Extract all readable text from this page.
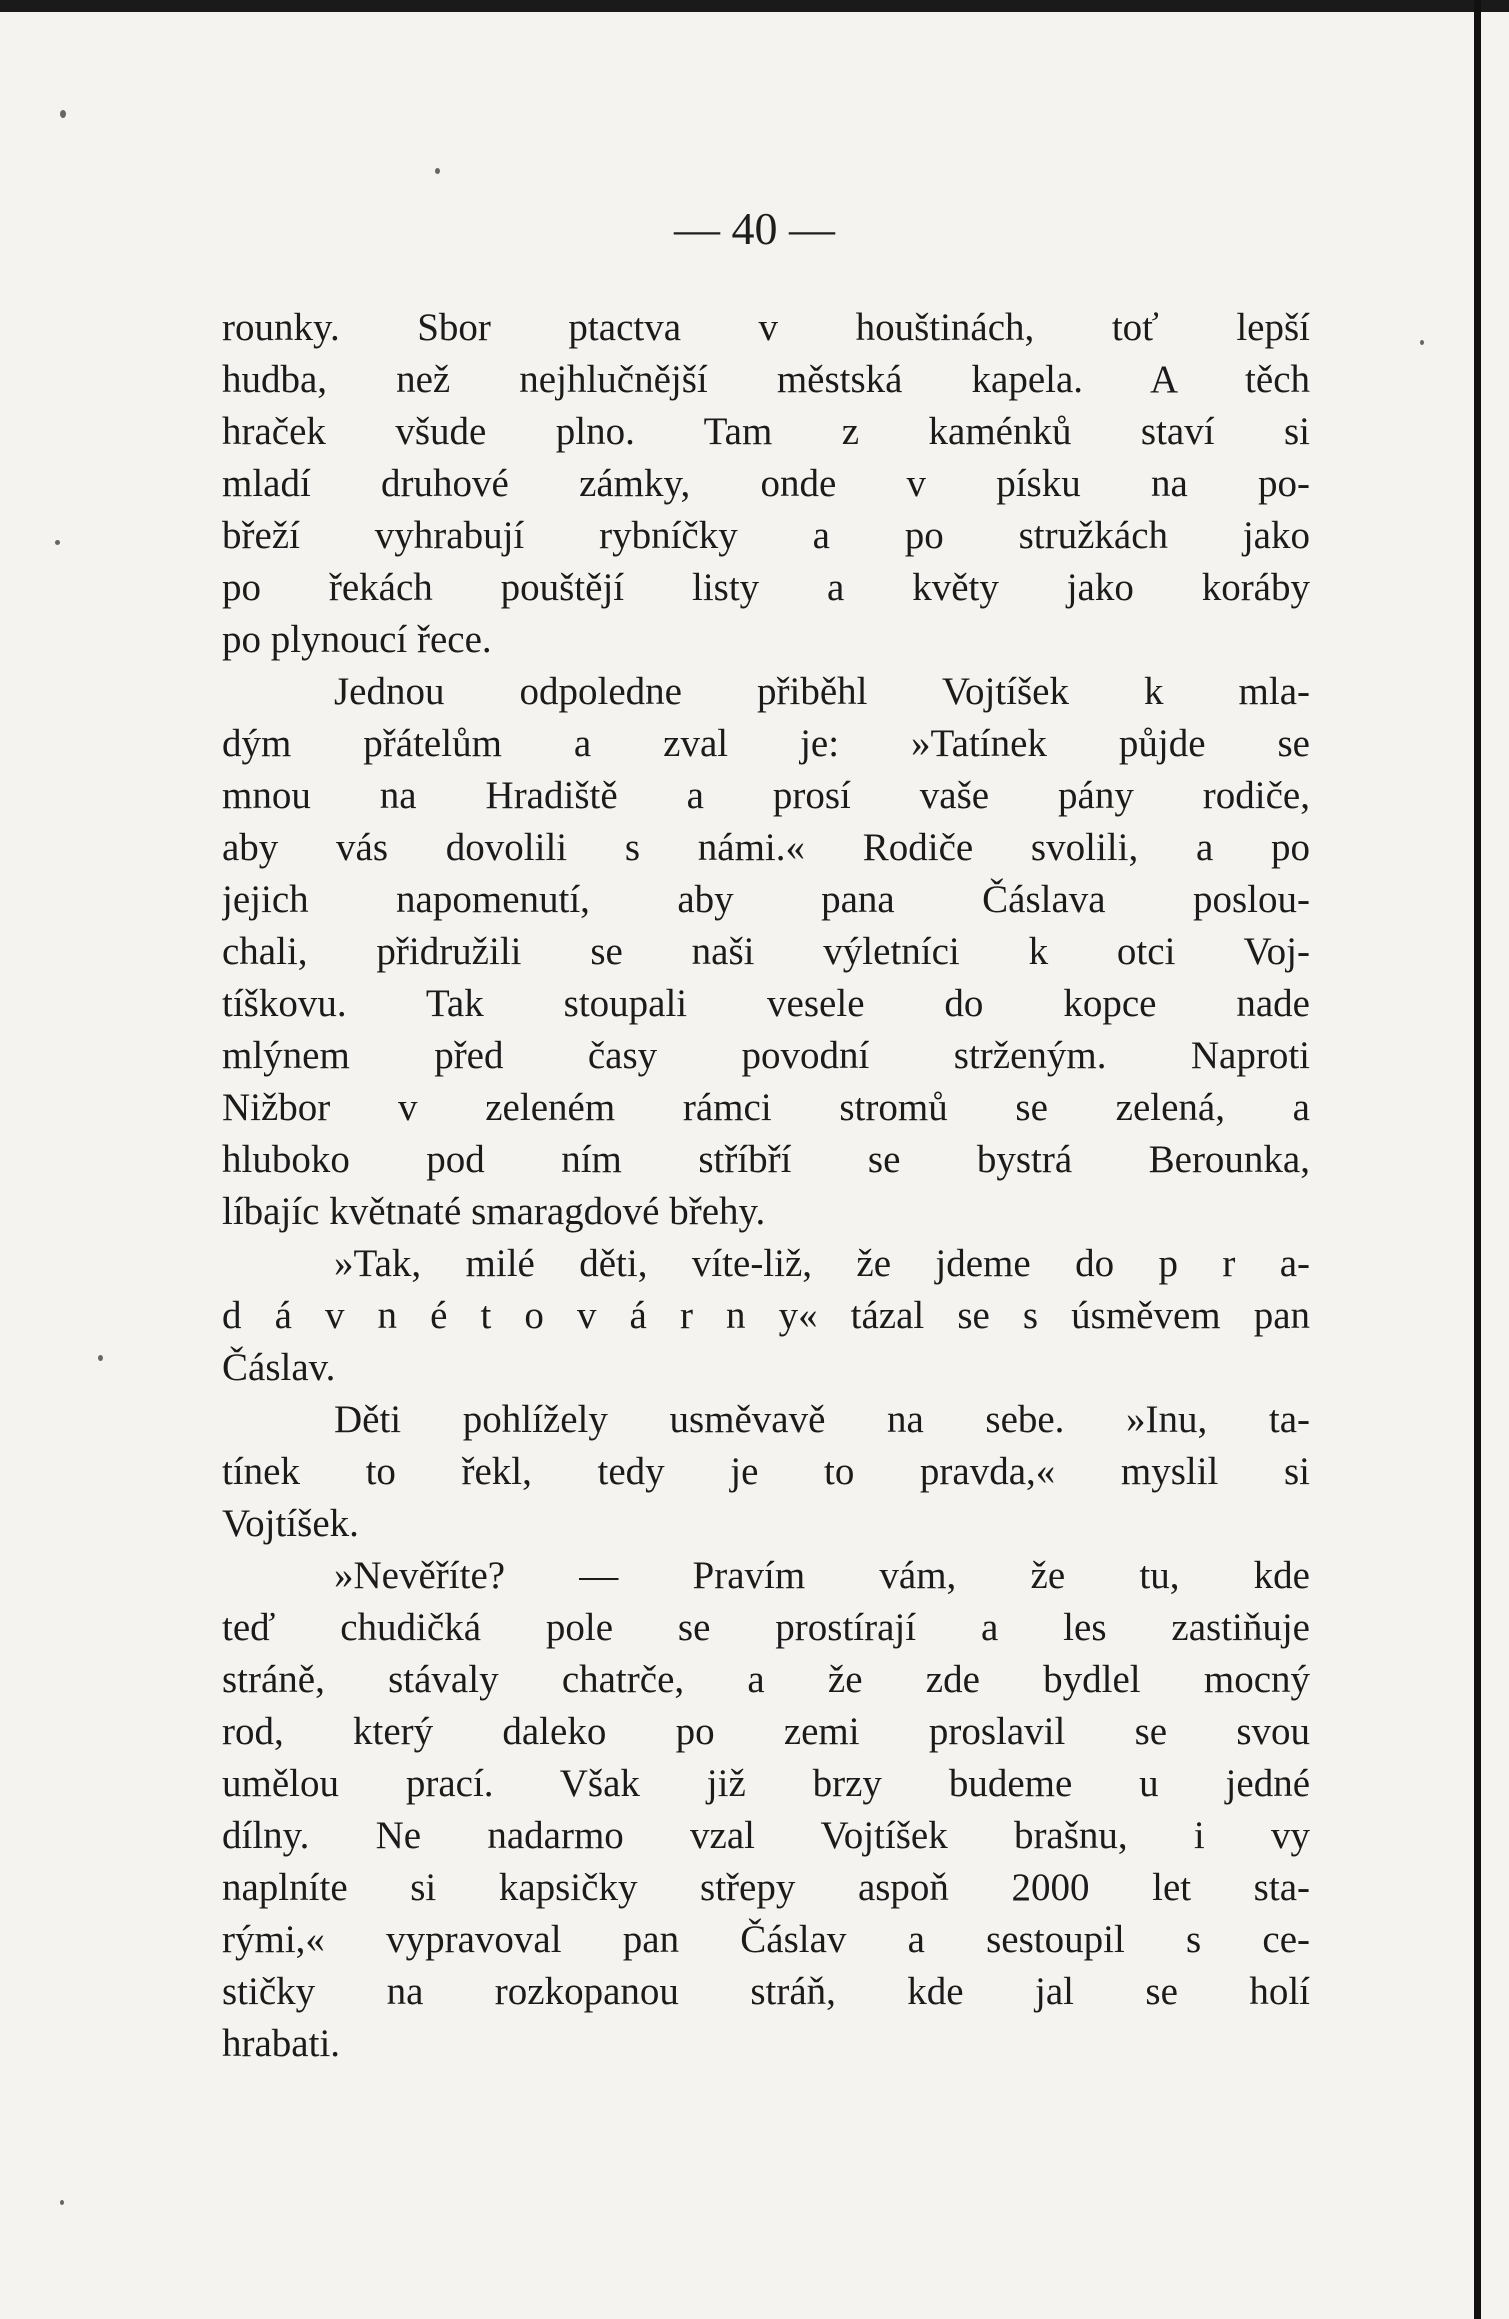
— 40 —
rounky. Sbor ptactva v houštinách, toť lepší
hudba, než nejhlučnější městská kapela. A těch
hraček všude plno. Tam z kaménků staví si
mladí druhové zámky, onde v písku na po-
břeží vyhrabují rybníčky a po stružkách jako
po řekách pouštějí listy a květy jako koráby
po plynoucí řece.
Jednou odpoledne přiběhl Vojtíšek k mla-
dým přátelům a zval je: »Tatínek půjde se
mnou na Hradiště a prosí vaše pány rodiče,
aby vás dovolili s námi.« Rodiče svolili, a po
jejich napomenutí, aby pana Čáslava poslou-
chali, přidružili se naši výletníci k otci Voj-
tíškovu. Tak stoupali vesele do kopce nade
mlýnem před časy povodní strženým. Naproti
Nižbor v zeleném rámci stromů se zelená, a
hluboko pod ním stříbří se bystrá Berounka,
líbajíc květnaté smaragdové břehy.
»Tak, milé děti, víte-liž, že jdeme do p r a-
d á v n é t o v á r n y« tázal se s úsměvem pan
Čáslav.
Děti pohlížely usměvavě na sebe. »Inu, ta-
tínek to řekl, tedy je to pravda,« myslil si
Vojtíšek.
»Nevěříte? — Pravím vám, že tu, kde
teď chudičká pole se prostírají a les zastiňuje
stráně, stávaly chatrče, a že zde bydlel mocný
rod, který daleko po zemi proslavil se svou
umělou prací. Však již brzy budeme u jedné
dílny. Ne nadarmo vzal Vojtíšek brašnu, i vy
naplníte si kapsičky střepy aspoň 2000 let sta-
rými,« vypravoval pan Čáslav a sestoupil s ce-
stičky na rozkopanou stráň, kde jal se holí
hrabati.
